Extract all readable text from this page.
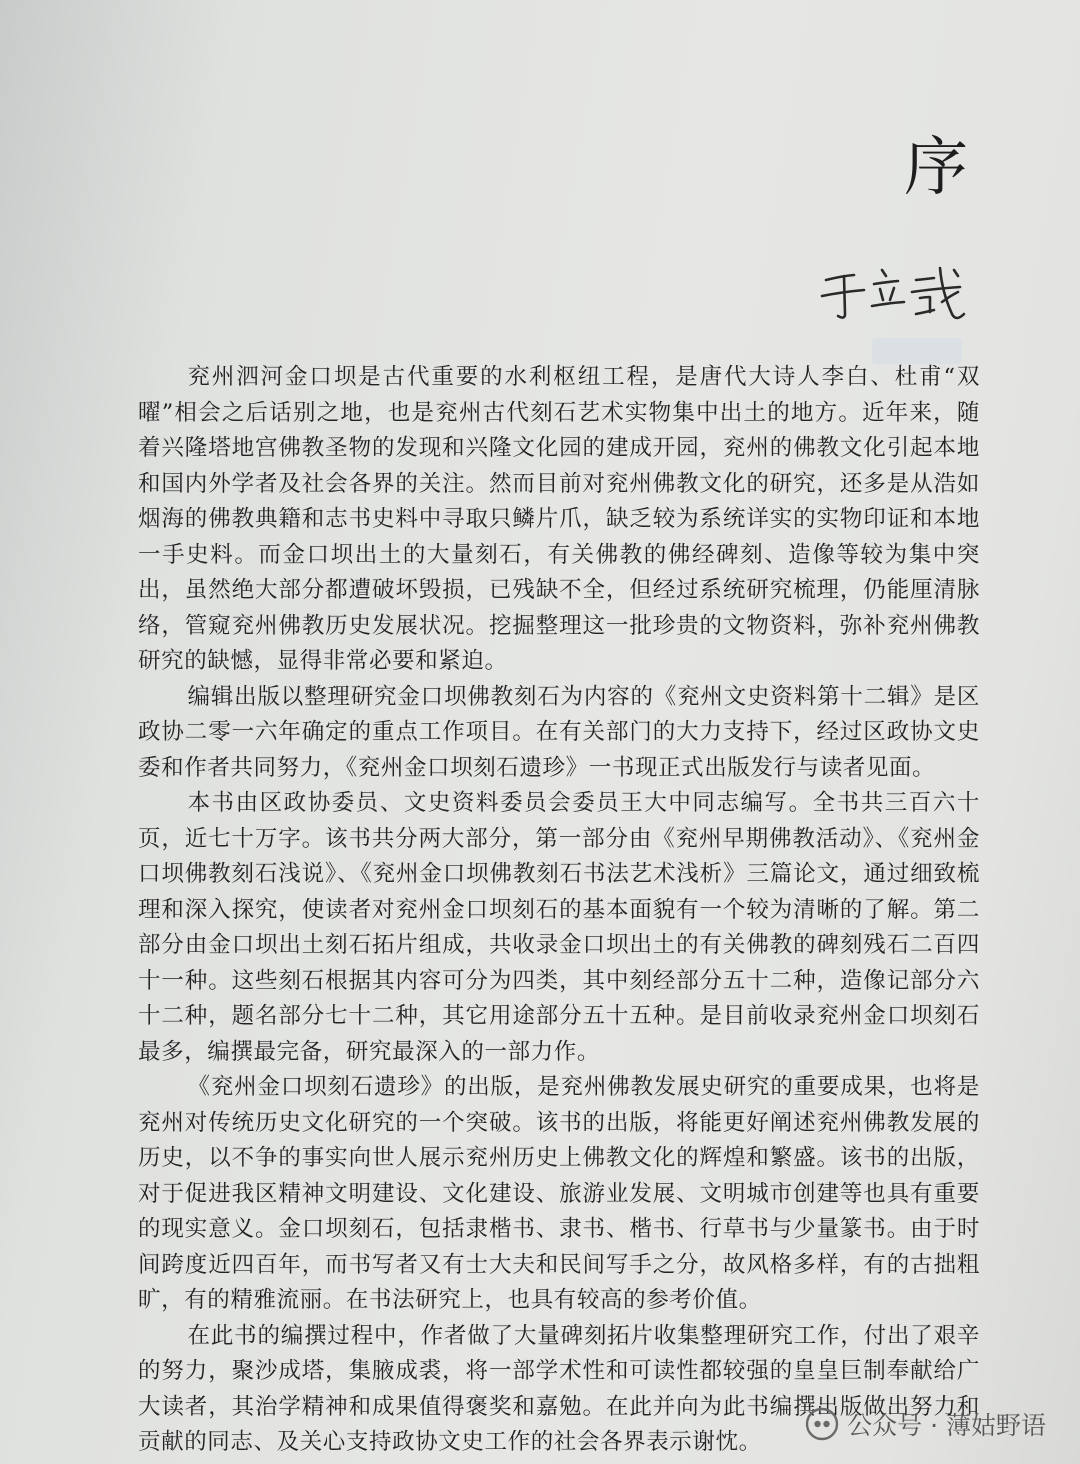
序

兖州泗河金口坝是古代重要的水利枢纽工程，是唐代大诗人李白、杜甫“双曜”相会之后话别之地，也是兖州古代刻石艺术实物集中出土的地方。近年来，随着兴隆塔地宫佛教圣物的发现和兴隆文化园的建成开园，兖州的佛教文化引起本地和国内外学者及社会各界的关注。然而目前对兖州佛教文化的研究，还多是从浩如烟海的佛教典籍和志书史料中寻取只鳞片爪，缺乏较为系统详实的实物印证和本地一手史料。而金口坝出土的大量刻石，有关佛教的佛经碑刻、造像等较为集中突出，虽然绝大部分都遭破坏毁损，已残缺不全，但经过系统研究梳理，仍能厘清脉络，管窥兖州佛教历史发展状况。挖掘整理这一批珍贵的文物资料，弥补兖州佛教研究的缺憾，显得非常必要和紧迫。

编辑出版以整理研究金口坝佛教刻石为内容的《兖州文史资料第十二辑》是区政协二零一六年确定的重点工作项目。在有关部门的大力支持下，经过区政协文史委和作者共同努力，《兖州金口坝刻石遗珍》一书现正式出版发行与读者见面。

本书由区政协委员、文史资料委员会委员王大中同志编写。全书共三百六十页，近七十万字。该书共分两大部分，第一部分由《兖州早期佛教活动》、《兖州金口坝佛教刻石浅说》、《兖州金口坝佛教刻石书法艺术浅析》三篇论文，通过细致梳理和深入探究，使读者对兖州金口坝刻石的基本面貌有一个较为清晰的了解。第二部分由金口坝出土刻石拓片组成，共收录金口坝出土的有关佛教的碑刻残石二百四十一种。这些刻石根据其内容可分为四类，其中刻经部分五十二种，造像记部分六十二种，题名部分七十二种，其它用途部分五十五种。是目前收录兖州金口坝刻石最多，编撰最完备，研究最深入的一部力作。

《兖州金口坝刻石遗珍》的出版，是兖州佛教发展史研究的重要成果，也将是兖州对传统历史文化研究的一个突破。该书的出版，将能更好阐述兖州佛教发展的历史，以不争的事实向世人展示兖州历史上佛教文化的辉煌和繁盛。该书的出版，对于促进我区精神文明建设、文化建设、旅游业发展、文明城市创建等也具有重要的现实意义。金口坝刻石，包括隶楷书、隶书、楷书、行草书与少量篆书。由于时间跨度近四百年，而书写者又有士大夫和民间写手之分，故风格多样，有的古拙粗旷，有的精雅流丽。在书法研究上，也具有较高的参考价值。

在此书的编撰过程中，作者做了大量碑刻拓片收集整理研究工作，付出了艰辛的努力，聚沙成塔，集腋成裘，将一部学术性和可读性都较强的皇皇巨制奉献给广大读者，其治学精神和成果值得褒奖和嘉勉。在此并向为此书编撰出版做出努力和贡献的同志、及关心支持政协文史工作的社会各界表示谢忱。

公众号 · 薄姑野语
